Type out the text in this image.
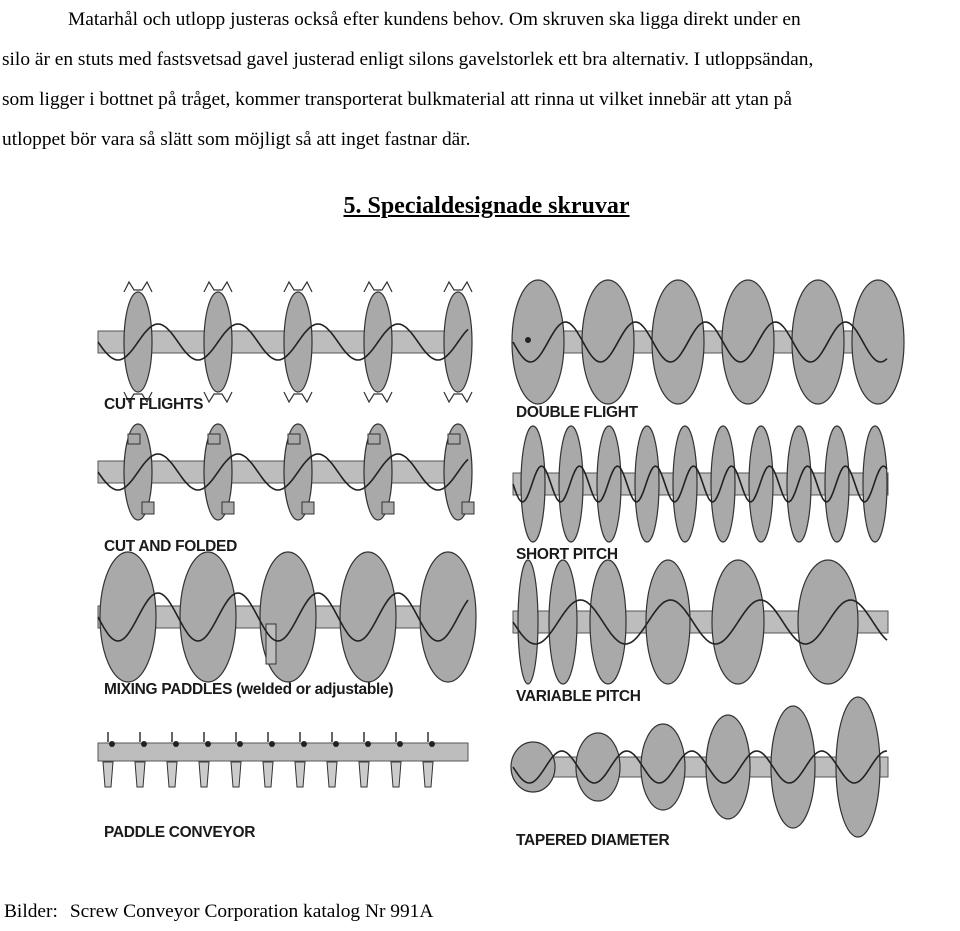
Matarhål och utlopp justeras också efter kundens behov. Om skruven ska ligga direkt under en
silo är en stuts med fastsvetsad gavel justerad enligt silons gavelstorlek ett bra alternativ. I utloppsändan,
som ligger i bottnet på tråget, kommer transporterat bulkmaterial att rinna ut vilket innebär att ytan på
utloppet bör vara så slätt som möjligt så att inget fastnar där.
5. Specialdesignade skruvar
CUT FLIGHTS	DOUBLE FLIGHT
CUT AND FOLDED	SHORT PITCH
MIXING PADDLES (welded or adjustable)	VARIABLE PITCH
PADDLE CONVEYOR	TAPERED DIAMETER

Bilder: Screw Conveyor Corporation katalog Nr 991A
